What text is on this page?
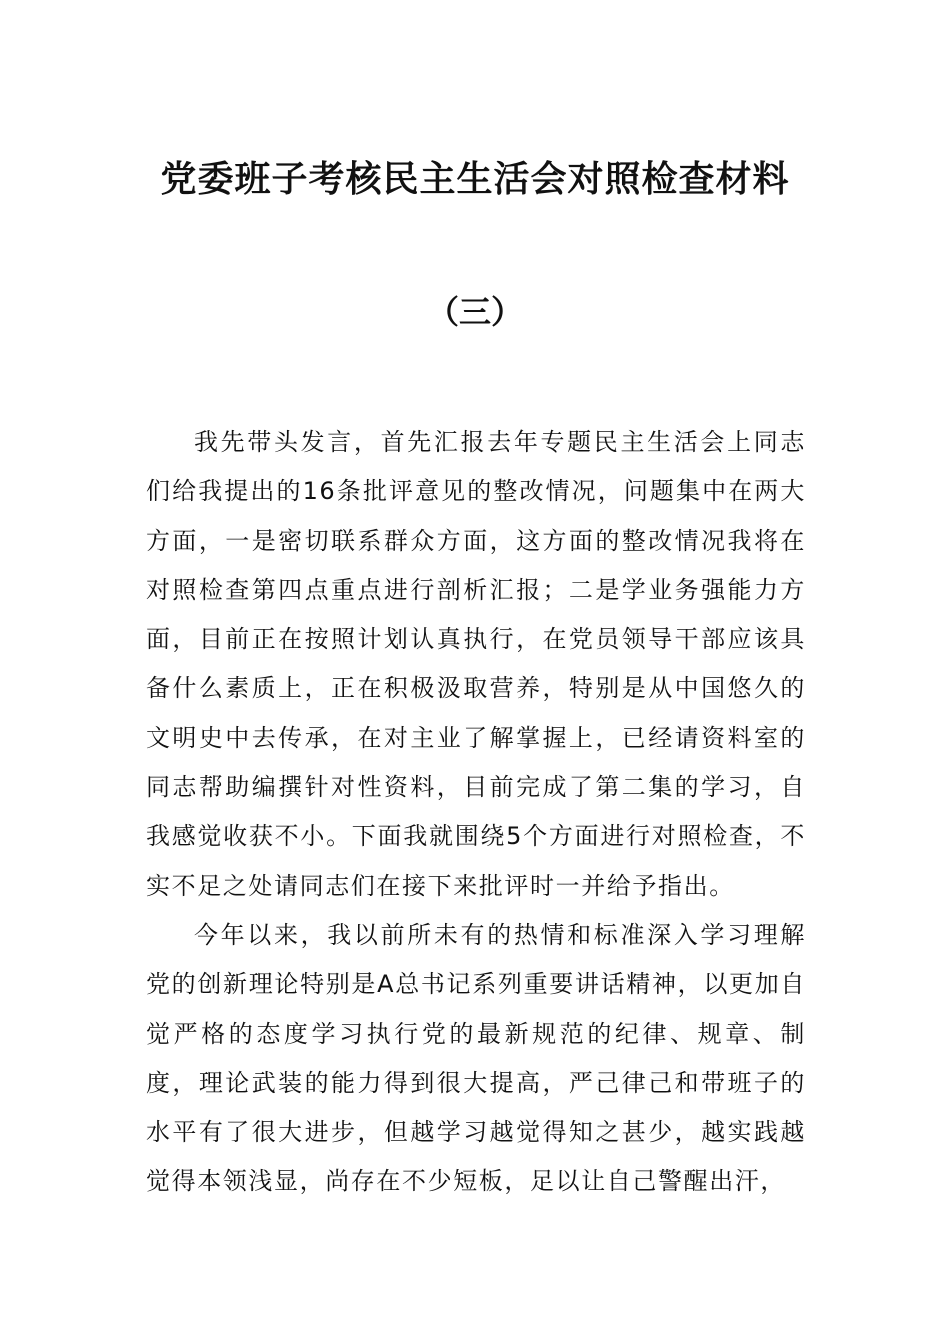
党委班子考核民主生活会对照检查材料
（三）

我先带头发言，首先汇报去年专题民主生活会上同志们给我提出的16条批评意见的整改情况，问题集中在两大方面，一是密切联系群众方面，这方面的整改情况我将在对照检查第四点重点进行剖析汇报；二是学业务强能力方面，目前正在按照计划认真执行，在党员领导干部应该具备什么素质上，正在积极汲取营养，特别是从中国悠久的文明史中去传承，在对主业了解掌握上，已经请资料室的同志帮助编撰针对性资料，目前完成了第二集的学习，自我感觉收获不小。下面我就围绕5个方面进行对照检查，不实不足之处请同志们在接下来批评时一并给予指出。

今年以来，我以前所未有的热情和标准深入学习理解党的创新理论特别是A总书记系列重要讲话精神，以更加自觉严格的态度学习执行党的最新规范的纪律、规章、制度，理论武装的能力得到很大提高，严己律己和带班子的水平有了很大进步，但越学习越觉得知之甚少，越实践越觉得本领浅显，尚存在不少短板，足以让自己警醒出汗，
